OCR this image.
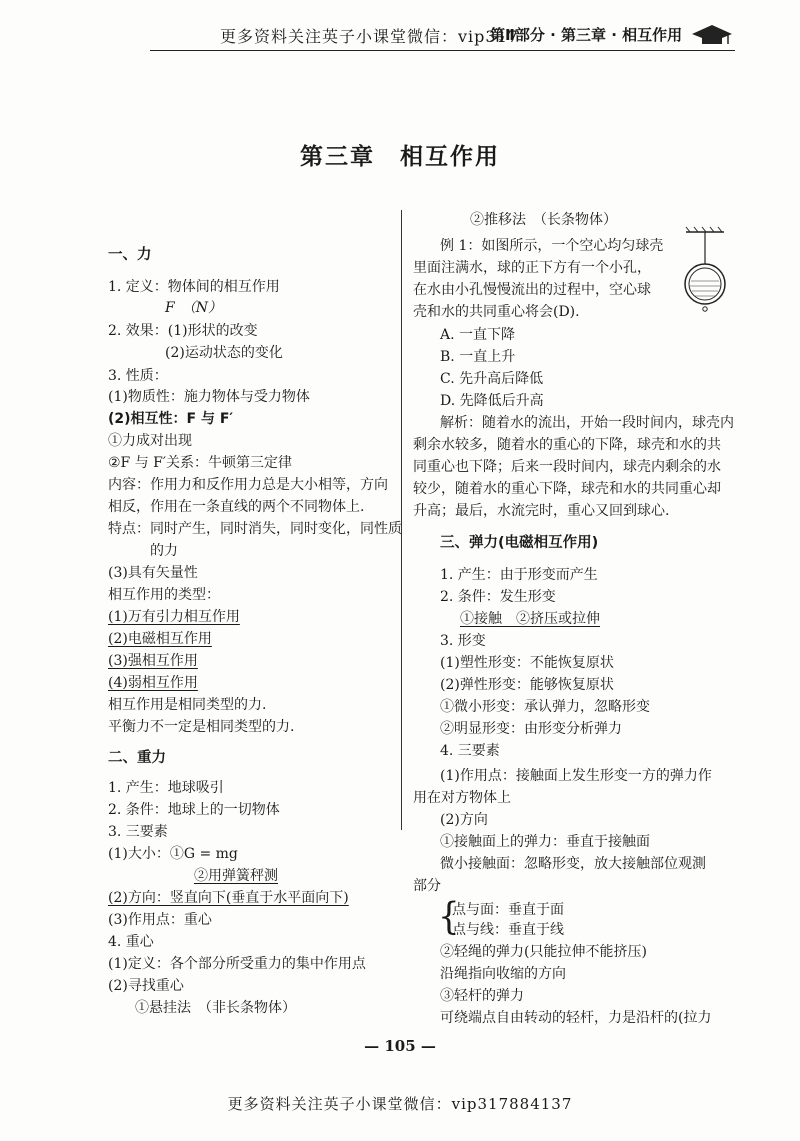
更多资料关注英子小课堂微信：vip317
第Ⅱ部分 · 第三章 · 相互作用
第三章　相互作用
一、力
1. 定义：物体间的相互作用
F　（N）
2. 效果：(1)形状的改变
(2)运动状态的变化
3. 性质：
(1)物质性：施力物体与受力物体
(2)相互性：F 与 F′
①力成对出现
②F 与 F′关系：牛顿第三定律
内容：作用力和反作用力总是大小相等，方向
相反，作用在一条直线的两个不同物体上.
特点：同时产生，同时消失，同时变化，同性质
的力
(3)具有矢量性
相互作用的类型：
(1)万有引力相互作用
(2)电磁相互作用
(3)强相互作用
(4)弱相互作用
相互作用是相同类型的力.
平衡力不一定是相同类型的力.
二、重力
1. 产生：地球吸引
2. 条件：地球上的一切物体
3. 三要素
(1)大小：①G = mg
②用弹簧秤测
(2)方向：竖直向下(垂直于水平面向下)
(3)作用点：重心
4. 重心
(1)定义：各个部分所受重力的集中作用点
(2)寻找重心
①悬挂法　（非长条物体）
②推移法　（长条物体）
例 1：如图所示，一个空心均匀球壳
里面注满水，球的正下方有一个小孔，
在水由小孔慢慢流出的过程中，空心球
壳和水的共同重心将会(D).
A. 一直下降
B. 一直上升
C. 先升高后降低
D. 先降低后升高
解析：随着水的流出，开始一段时间内，球壳内
剩余水较多，随着水的重心的下降，球壳和水的共
同重心也下降；后来一段时间内，球壳内剩余的水
较少，随着水的重心下降，球壳和水的共同重心却
升高；最后，水流完时，重心又回到球心.
三、弹力(电磁相互作用)
1. 产生：由于形变而产生
2. 条件：发生形变
①接触　②挤压或拉伸
3. 形变
(1)塑性形变：不能恢复原状
(2)弹性形变：能够恢复原状
①微小形变：承认弹力，忽略形变
②明显形变：由形变分析弹力
4. 三要素
(1)作用点：接触面上发生形变一方的弹力作
用在对方物体上
(2)方向
①接触面上的弹力：垂直于接触面
微小接触面：忽略形变，放大接触部位观測
部分
{
点与面：垂直于面
点与线：垂直于线
②轻绳的弹力(只能拉伸不能挤压)
沿绳指向收缩的方向
③轻杆的弹力
可绕端点自由转动的轻杆，力是沿杆的(拉力
— 105 —
更多资料关注英子小课堂微信：vip317884137
